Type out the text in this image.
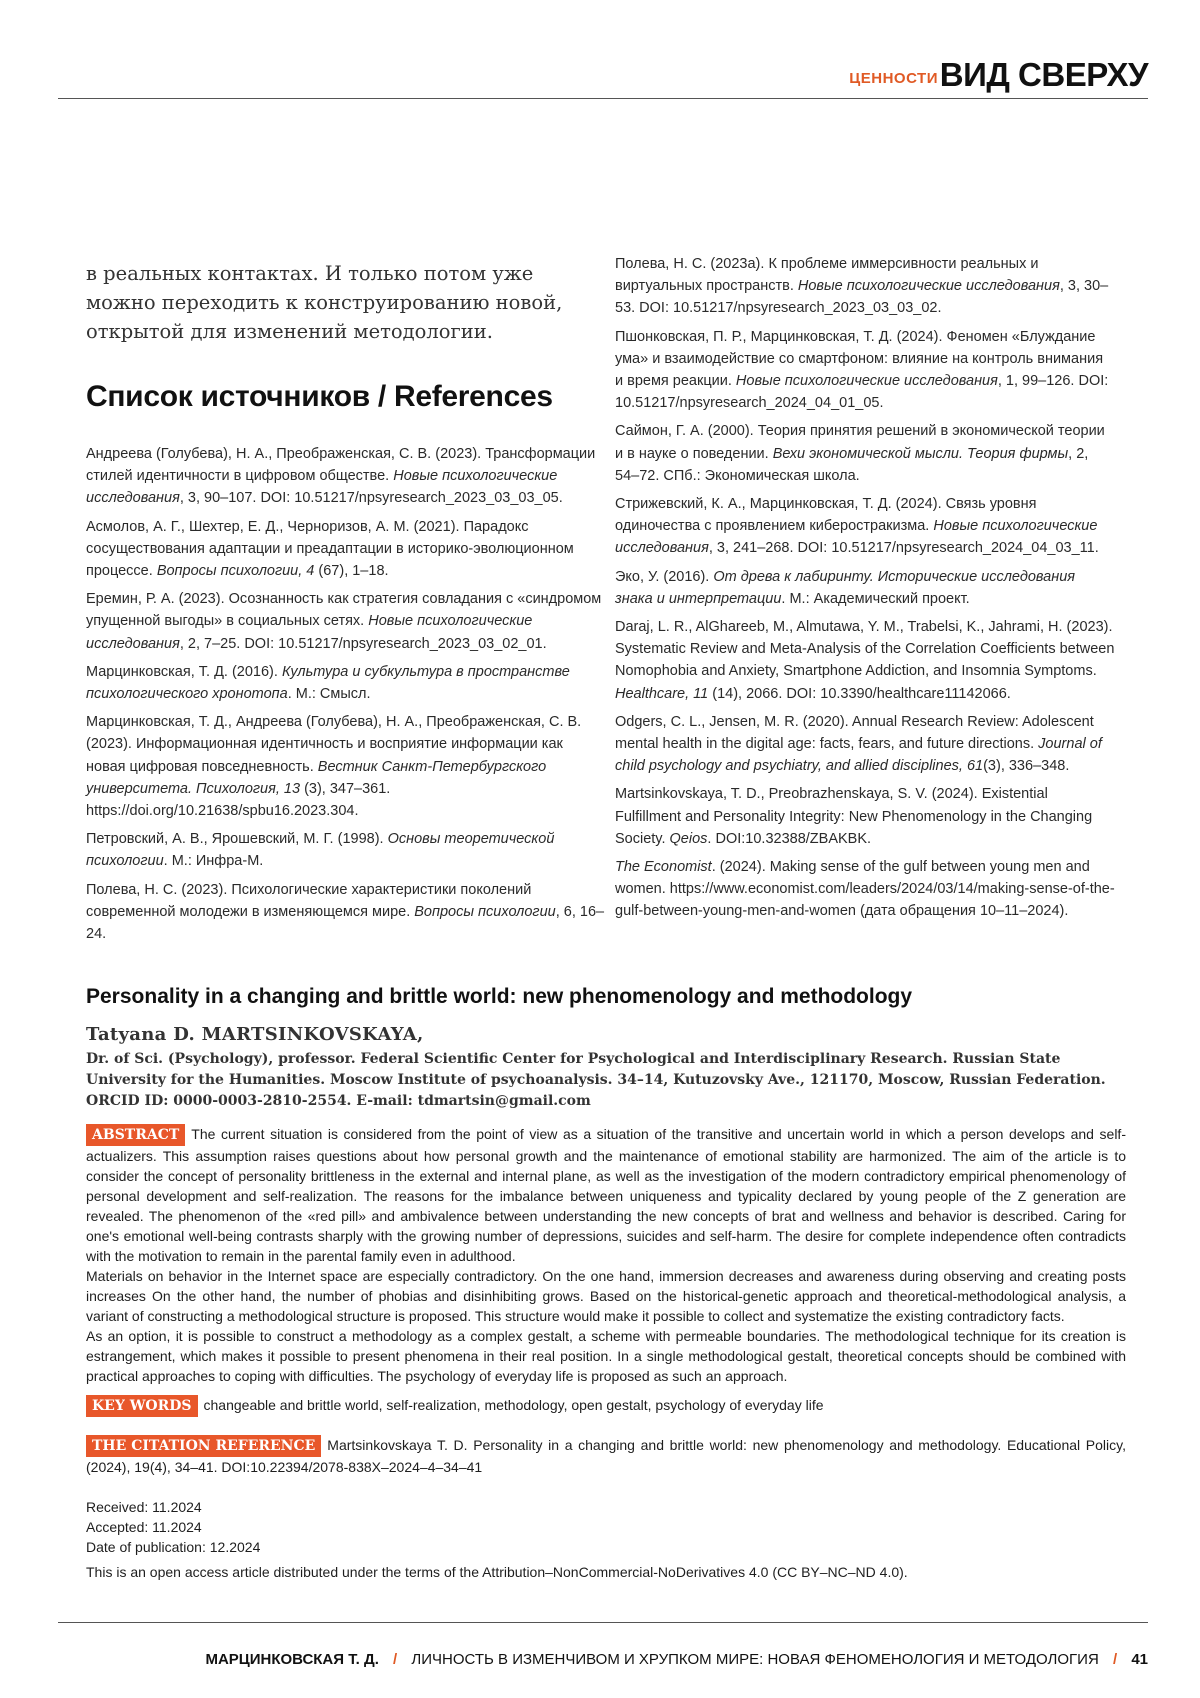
ЦЕННОСТИ ВИД СВЕРХУ
в реальных контактах. И только потом уже можно переходить к конструированию новой, открытой для изменений методологии.
Список источников / References

Андреева (Голубева), Н. А., Преображенская, С. В. (2023). Трансформации стилей идентичности в цифровом обществе. Новые психологические исследования, 3, 90–107. DOI: 10.51217/npsyresearch_2023_03_03_05.

Асмолов, А. Г., Шехтер, Е. Д., Черноризов, А. М. (2021). Парадокс сосуществования адаптации и преадаптации в историко-эволюционном процессе. Вопросы психологии, 4 (67), 1–18.

Еремин, Р. А. (2023). Осознанность как стратегия совладания с «синдромом упущенной выгоды» в социальных сетях. Новые психологические исследования, 2, 7–25. DOI: 10.51217/npsyresearch_2023_03_02_01.

Марцинковская, Т. Д. (2016). Культура и субкультура в пространстве психологического хронотопа. М.: Смысл.

Марцинковская, Т. Д., Андреева (Голубева), Н. А., Преображенская, С. В. (2023). Информационная идентичность и восприятие информации как новая цифровая повседневность. Вестник Санкт-Петербургского университета. Психология, 13 (3), 347–361. https://doi.org/10.21638/spbu16.2023.304.

Петровский, А. В., Ярошевский, М. Г. (1998). Основы теоретической психологии. М.: Инфра-М.

Полева, Н. С. (2023). Психологические характеристики поколений современной молодежи в изменяющемся мире. Вопросы психологии, 6, 16–24.

Полева, Н. С. (2023а). К проблеме иммерсивности реальных и виртуальных пространств. Новые психологические исследования, 3, 30–53. DOI: 10.51217/npsyresearch_2023_03_03_02.

Пшонковская, П. Р., Марцинковская, Т. Д. (2024). Феномен «Блуждание ума» и взаимодействие со смартфоном: влияние на контроль внимания и время реакции. Новые психологические исследования, 1, 99–126. DOI: 10.51217/npsyresearch_2024_04_01_05.

Саймон, Г. А. (2000). Теория принятия решений в экономической теории и в науке о поведении. Вехи экономической мысли. Теория фирмы, 2, 54–72. СПб.: Экономическая школа.

Стрижевский, К. А., Марцинковская, Т. Д. (2024). Связь уровня одиночества с проявлением киберостракизма. Новые психологические исследования, 3, 241–268. DOI: 10.51217/npsyresearch_2024_04_03_11.

Эко, У. (2016). От древа к лабиринту. Исторические исследования знака и интерпретации. М.: Академический проект.

Daraj, L. R., AlGhareeb, M., Almutawa, Y. M., Trabelsi, K., Jahrami, H. (2023). Systematic Review and Meta-Analysis of the Correlation Coefficients between Nomophobia and Anxiety, Smartphone Addiction, and Insomnia Symptoms. Healthcare, 11 (14), 2066. DOI: 10.3390/healthcare11142066.

Odgers, C. L., Jensen, M. R. (2020). Annual Research Review: Adolescent mental health in the digital age: facts, fears, and future directions. Journal of child psychology and psychiatry, and allied disciplines, 61(3), 336–348.

Martsinkovskaya, T. D., Preobrazhenskaya, S. V. (2024). Existential Fulfillment and Personality Integrity: New Phenomenology in the Changing Society. Qeios. DOI:10.32388/ZBAKBK.

The Economist. (2024). Making sense of the gulf between young men and women. https://www.economist.com/leaders/2024/03/14/making-sense-of-the-gulf-between-young-men-and-women (дата обращения 10–11–2024).

Personality in a changing and brittle world: new phenomenology and methodology
Tatyana D. MARTSINKOVSKAYA,
Dr. of Sci. (Psychology), professor. Federal Scientific Center for Psychological and Interdisciplinary Research. Russian State University for the Humanities. Moscow Institute of psychoanalysis. 34–14, Kutuzovsky Ave., 121170, Moscow, Russian Federation. ORCID ID: 0000-0003-2810-2554. E-mail: tdmartsin@gmail.com

ABSTRACT The current situation is considered from the point of view as a situation of the transitive and uncertain world in which a person develops and self-actualizers. This assumption raises questions about how personal growth and the maintenance of emotional stability are harmonized. The aim of the article is to consider the concept of personality brittleness in the external and internal plane, as well as the investigation of the modern contradictory empirical phenomenology of personal development and self-realization. The reasons for the imbalance between uniqueness and typicality declared by young people of the Z generation are revealed. The phenomenon of the «red pill» and ambivalence between understanding the new concepts of brat and wellness and behavior is described. Caring for one's emotional well-being contrasts sharply with the growing number of depressions, suicides and self-harm. The desire for complete independence often contradicts with the motivation to remain in the parental family even in adulthood.

Materials on behavior in the Internet space are especially contradictory. On the one hand, immersion decreases and awareness during observing and creating posts increases On the other hand, the number of phobias and disinhibiting grows. Based on the historical-genetic approach and theoretical-methodological analysis, a variant of constructing a methodological structure is proposed. This structure would make it possible to collect and systematize the existing contradictory facts.

As an option, it is possible to construct a methodology as a complex gestalt, a scheme with permeable boundaries. The methodological technique for its creation is estrangement, which makes it possible to present phenomena in their real position. In a single methodological gestalt, theoretical concepts should be combined with practical approaches to coping with difficulties. The psychology of everyday life is proposed as such an approach.

KEY WORDS changeable and brittle world, self-realization, methodology, open gestalt, psychology of everyday life
THE CITATION REFERENCE Martsinkovskaya T. D. Personality in a changing and brittle world: new phenomenology and methodology. Educational Policy, (2024), 19(4), 34–41. DOI:10.22394/2078-838X–2024–4–34–41
Received: 11.2024
Accepted: 11.2024
Date of publication: 12.2024
This is an open access article distributed under the terms of the Attribution–NonCommercial-NoDerivatives 4.0 (CC BY–NC–ND 4.0).
МАРЦИНКОВСКАЯ Т. Д. / ЛИЧНОСТЬ В ИЗМЕНЧИВОМ И ХРУПКОМ МИРЕ: НОВАЯ ФЕНОМЕНОЛОГИЯ И МЕТОДОЛОГИЯ / 41
